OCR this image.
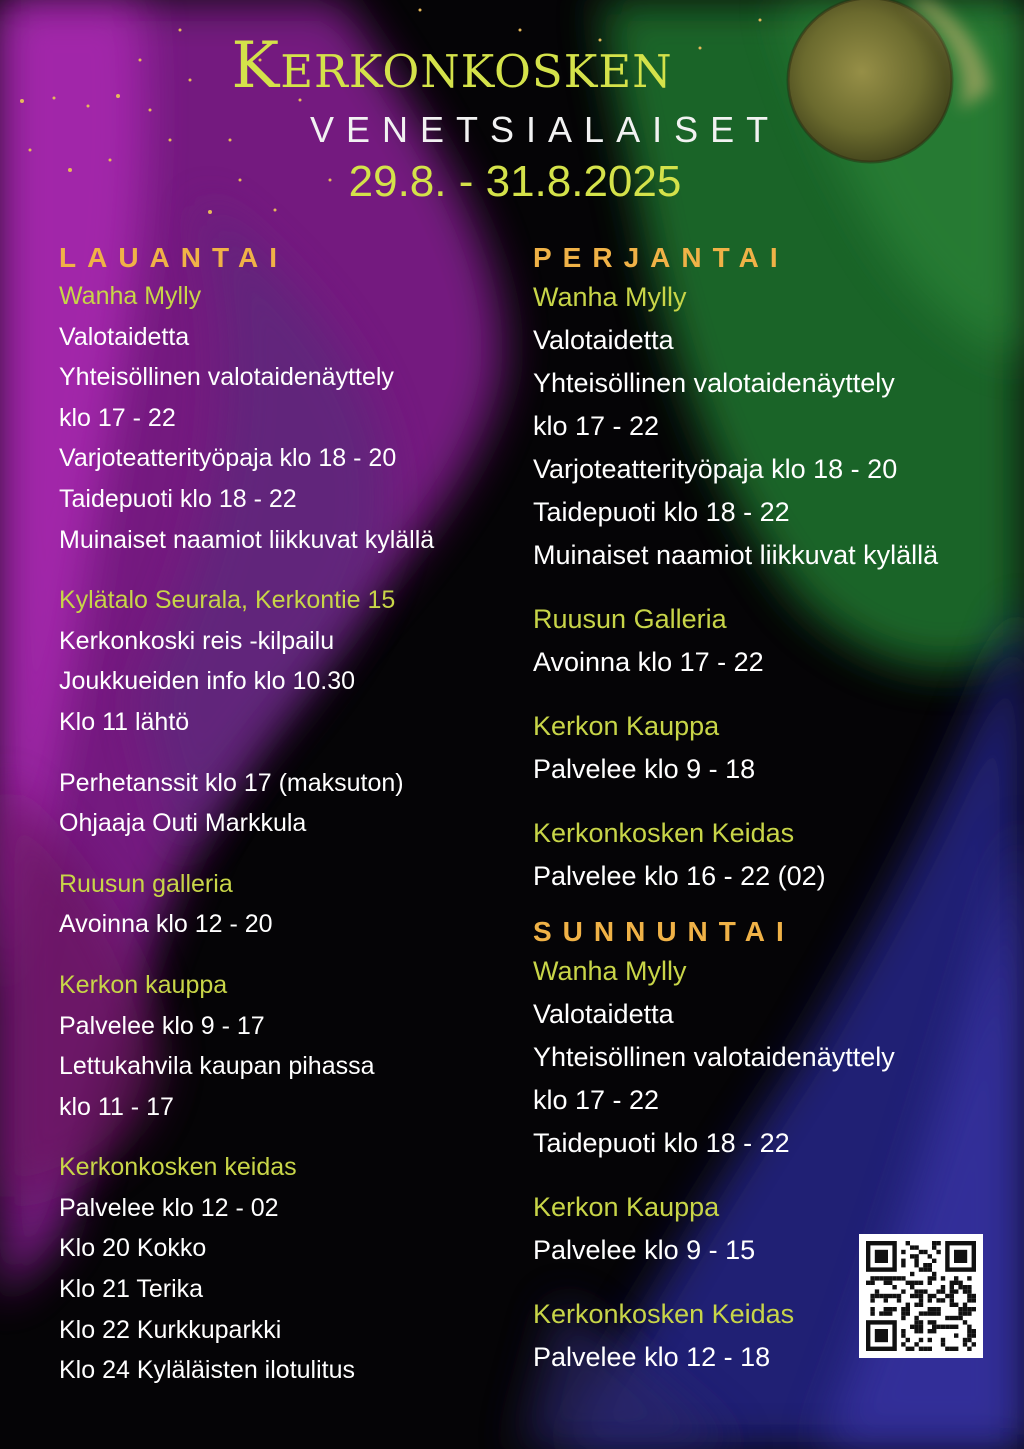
Kerkonkosken
VENETSIALAISET
29.8. - 31.8.2025
LAUANTAI
Wanha Mylly
Valotaidetta
Yhteisöllinen valotaidenäyttely
klo 17 - 22
Varjoteatterityöpaja klo 18 - 20
Taidepuoti klo 18 - 22
Muinaiset naamiot liikkuvat kylällä
Kylätalo Seurala, Kerkontie 15
Kerkonkoski reis -kilpailu
Joukkueiden info klo 10.30
Klo 11 lähtö
Perhetanssit klo 17 (maksuton)
Ohjaaja Outi Markkula
Ruusun galleria
Avoinna klo 12 - 20
Kerkon kauppa
Palvelee klo 9 - 17
Lettukahvila kaupan pihassa
klo 11 - 17
Kerkonkosken keidas
Palvelee klo 12 - 02
Klo 20 Kokko
Klo 21 Terika
Klo 22 Kurkkuparkki
Klo 24 Kyläläisten ilotulitus
PERJANTAI
Wanha Mylly
Valotaidetta
Yhteisöllinen valotaidenäyttely
klo 17 - 22
Varjoteatterityöpaja klo 18 - 20
Taidepuoti klo 18 - 22
Muinaiset naamiot liikkuvat kylällä
Ruusun Galleria
Avoinna klo 17 - 22
Kerkon Kauppa
Palvelee klo 9 - 18
Kerkonkosken Keidas
Palvelee klo 16 - 22 (02)
SUNNUNTAI
Wanha Mylly
Valotaidetta
Yhteisöllinen valotaidenäyttely
klo 17 - 22
Taidepuoti klo 18 - 22
Kerkon Kauppa
Palvelee klo 9 - 15
Kerkonkosken Keidas
Palvelee klo 12 - 18
